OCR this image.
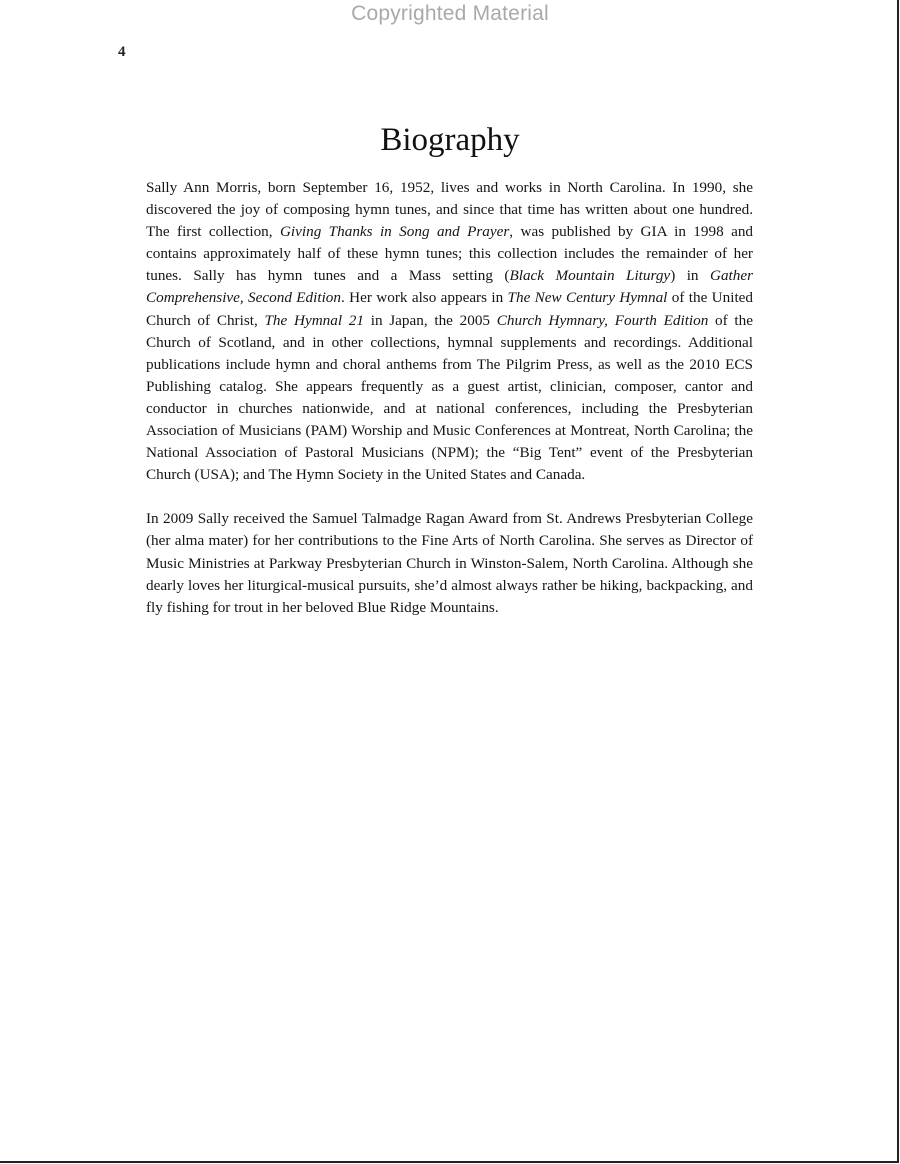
Copyrighted Material
4
Biography

Sally Ann Morris, born September 16, 1952, lives and works in North Carolina. In 1990, she discovered the joy of composing hymn tunes, and since that time has written about one hundred. The first collection, Giving Thanks in Song and Prayer, was published by GIA in 1998 and contains approximately half of these hymn tunes; this collection includes the remainder of her tunes. Sally has hymn tunes and a Mass setting (Black Mountain Liturgy) in Gather Comprehensive, Second Edition. Her work also appears in The New Century Hymnal of the United Church of Christ, The Hymnal 21 in Japan, the 2005 Church Hymnary, Fourth Edition of the Church of Scotland, and in other collections, hymnal supplements and recordings. Additional publications include hymn and choral anthems from The Pilgrim Press, as well as the 2010 ECS Publishing catalog. She appears frequently as a guest artist, clinician, composer, cantor and conductor in churches nationwide, and at national conferences, including the Presbyterian Association of Musicians (PAM) Worship and Music Conferences at Montreat, North Carolina; the National Association of Pastoral Musicians (NPM); the “Big Tent” event of the Presbyterian Church (USA); and The Hymn Society in the United States and Canada.

In 2009 Sally received the Samuel Talmadge Ragan Award from St. Andrews Presbyterian College (her alma mater) for her contributions to the Fine Arts of North Carolina. She serves as Director of Music Ministries at Parkway Presbyterian Church in Winston-Salem, North Carolina. Although she dearly loves her liturgical-musical pursuits, she’d almost always rather be hiking, backpacking, and fly fishing for trout in her beloved Blue Ridge Mountains.
